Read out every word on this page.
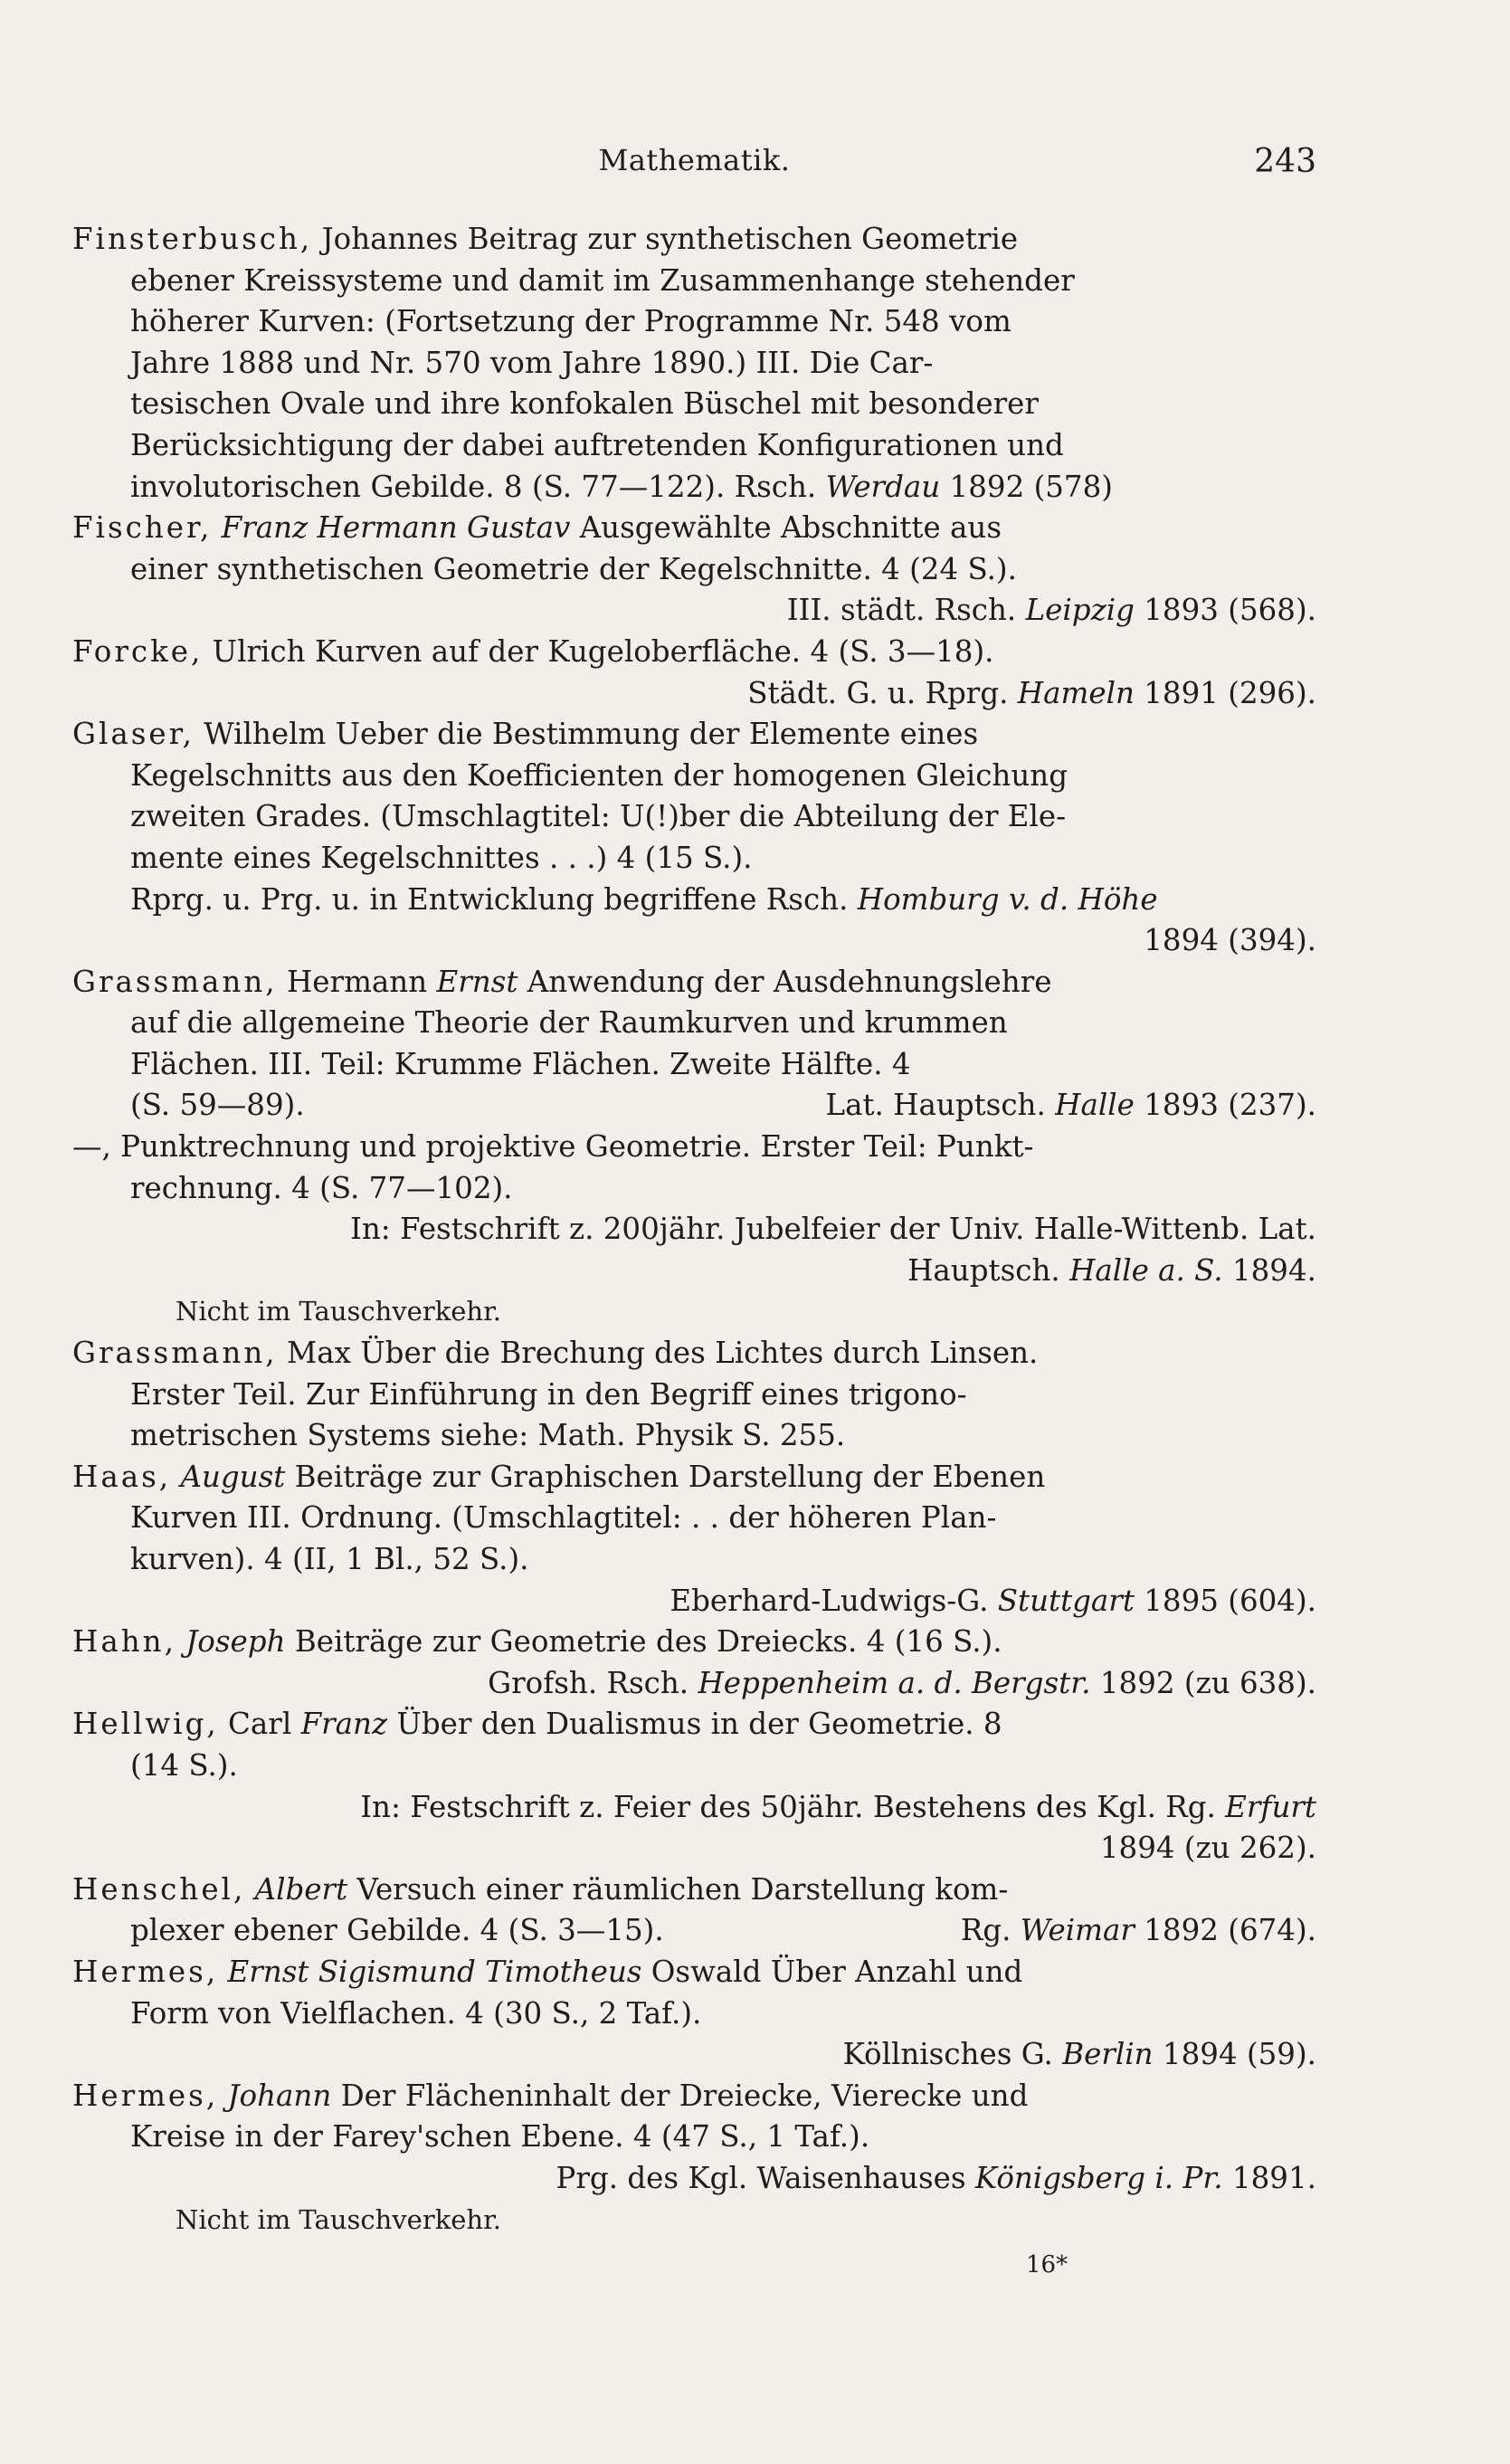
Mathematik.	243
Finsterbusch, Johannes Beitrag zur synthetischen Geometrie
ebener Kreissysteme und damit im Zusammenhange stehender
höherer Kurven: (Fortsetzung der Programme Nr. 548 vom
Jahre 1888 und Nr. 570 vom Jahre 1890.) III. Die Car-
tesischen Ovale und ihre konfokalen Büschel mit besonderer
Berücksichtigung der dabei auftretenden Konfigurationen und
involutorischen Gebilde. 8 (S. 77—122). Rsch. Werdau 1892 (578)
Fischer, Franz Hermann Gustav Ausgewählte Abschnitte aus
einer synthetischen Geometrie der Kegelschnitte. 4 (24 S.).
III. städt. Rsch. Leipzig 1893 (568).
Forcke, Ulrich Kurven auf der Kugeloberfläche. 4 (S. 3—18).
Städt. G. u. Rprg. Hameln 1891 (296).
Glaser, Wilhelm Ueber die Bestimmung der Elemente eines
Kegelschnitts aus den Koefficienten der homogenen Gleichung
zweiten Grades. (Umschlagtitel: U(!)ber die Abteilung der Ele-
mente eines Kegelschnittes . . .) 4 (15 S.).
Rprg. u. Prg. u. in Entwicklung begriffene Rsch. Homburg v. d. Höhe
1894 (394).
Grassmann, Hermann Ernst Anwendung der Ausdehnungslehre
auf die allgemeine Theorie der Raumkurven und krummen
Flächen. III. Teil: Krumme Flächen. Zweite Hälfte. 4
(S. 59—89).	Lat. Hauptsch. Halle 1893 (237).
—, Punktrechnung und projektive Geometrie. Erster Teil: Punkt-
rechnung. 4 (S. 77—102).
In: Festschrift z. 200jähr. Jubelfeier der Univ. Halle-Wittenb. Lat.
Hauptsch. Halle a. S. 1894.
Nicht im Tauschverkehr.
Grassmann, Max Über die Brechung des Lichtes durch Linsen.
Erster Teil. Zur Einführung in den Begriff eines trigono-
metrischen Systems siehe: Math. Physik S. 255.
Haas, August Beiträge zur Graphischen Darstellung der Ebenen
Kurven III. Ordnung. (Umschlagtitel: . . der höheren Plan-
kurven). 4 (II, 1 Bl., 52 S.).
Eberhard-Ludwigs-G. Stuttgart 1895 (604).
Hahn, Joseph Beiträge zur Geometrie des Dreiecks. 4 (16 S.).
Grofsh. Rsch. Heppenheim a. d. Bergstr. 1892 (zu 638).
Hellwig, Carl Franz Über den Dualismus in der Geometrie. 8
(14 S.).
In: Festschrift z. Feier des 50jähr. Bestehens des Kgl. Rg. Erfurt
1894 (zu 262).
Henschel, Albert Versuch einer räumlichen Darstellung kom-
plexer ebener Gebilde. 4 (S. 3—15).	Rg. Weimar 1892 (674).
Hermes, Ernst Sigismund Timotheus Oswald Über Anzahl und
Form von Vielflachen. 4 (30 S., 2 Taf.).
Köllnisches G. Berlin 1894 (59).
Hermes, Johann Der Flächeninhalt der Dreiecke, Vierecke und
Kreise in der Farey'schen Ebene. 4 (47 S., 1 Taf.).
Prg. des Kgl. Waisenhauses Königsberg i. Pr. 1891.
Nicht im Tauschverkehr.
16*
